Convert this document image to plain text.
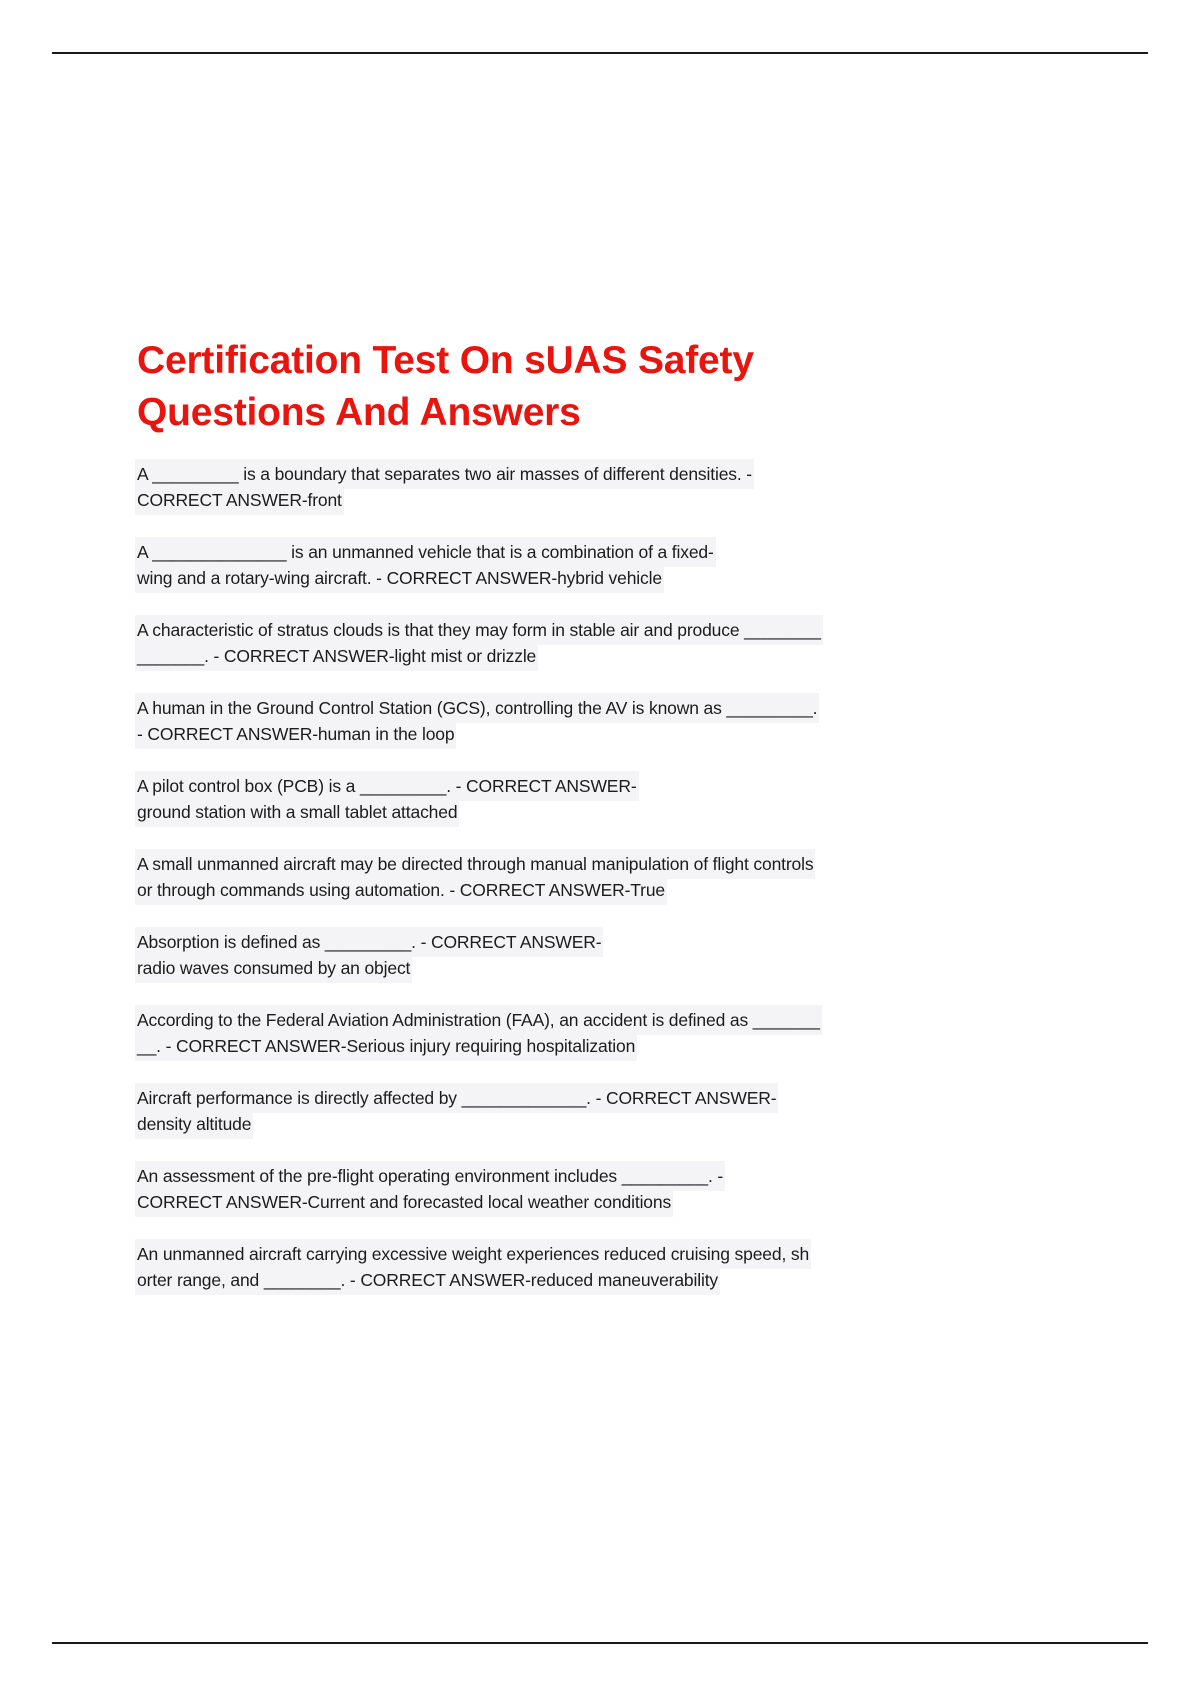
Certification Test On sUAS Safety Questions And Answers
A _________ is a boundary that separates two air masses of different densities. -
CORRECT ANSWER-front
A ______________ is an unmanned vehicle that is a combination of a fixed-
wing and a rotary-wing aircraft. - CORRECT ANSWER-hybrid vehicle
A characteristic of stratus clouds is that they may form in stable air and produce ________
_______. - CORRECT ANSWER-light mist or drizzle
A human in the Ground Control Station (GCS), controlling the AV is known as _________.
- CORRECT ANSWER-human in the loop
A pilot control box (PCB) is a _________. - CORRECT ANSWER-
ground station with a small tablet attached
A small unmanned aircraft may be directed through manual manipulation of flight controls
or through commands using automation. - CORRECT ANSWER-True
Absorption is defined as _________. - CORRECT ANSWER-
radio waves consumed by an object
According to the Federal Aviation Administration (FAA), an accident is defined as _______
__. - CORRECT ANSWER-Serious injury requiring hospitalization
Aircraft performance is directly affected by _____________. - CORRECT ANSWER-
density altitude
An assessment of the pre-flight operating environment includes _________. -
CORRECT ANSWER-Current and forecasted local weather conditions
An unmanned aircraft carrying excessive weight experiences reduced cruising speed, sh
orter range, and ________. - CORRECT ANSWER-reduced maneuverability
